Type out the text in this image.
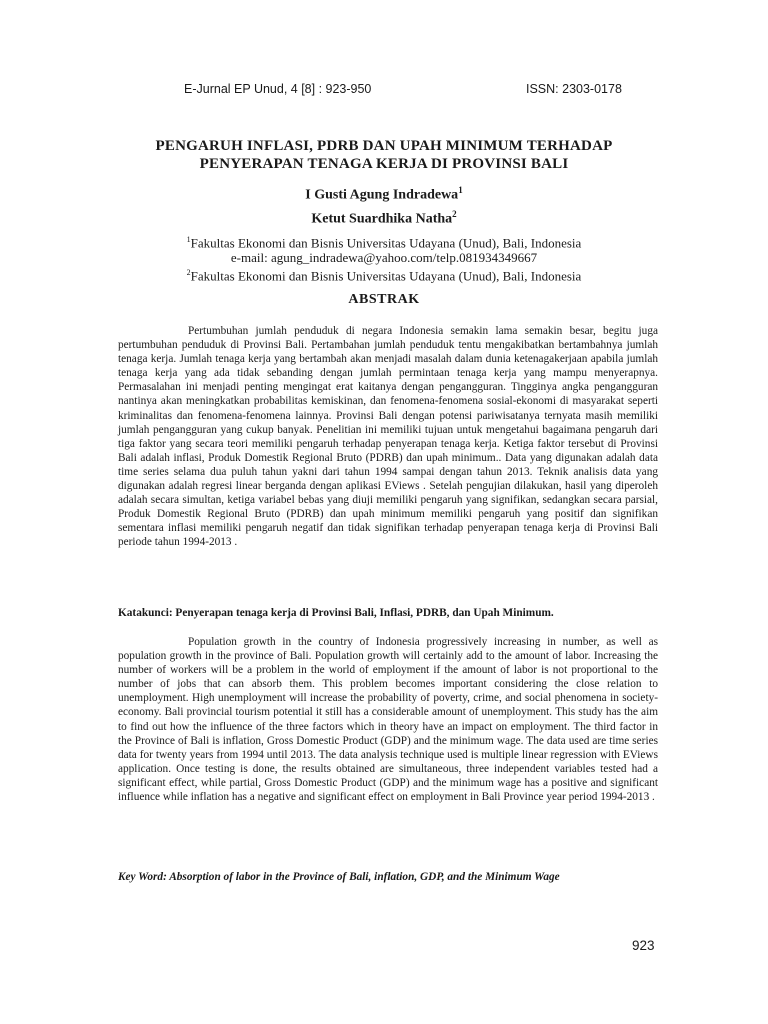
E-Jurnal EP Unud, 4 [8] : 923-950	ISSN: 2303-0178
PENGARUH INFLASI, PDRB DAN UPAH MINIMUM TERHADAP
PENYERAPAN TENAGA KERJA DI PROVINSI BALI
I Gusti Agung Indradewa$^1$
Ketut Suardhika Natha$^2$
$^1$Fakultas Ekonomi dan Bisnis Universitas Udayana (Unud), Bali, Indonesia
e-mail: agung_indradewa@yahoo.com/telp.081934349667
$^2$Fakultas Ekonomi dan Bisnis Universitas Udayana (Unud), Bali, Indonesia
ABSTRAK
Pertumbuhan jumlah penduduk di negara Indonesia semakin lama semakin besar, begitu juga pertumbuhan penduduk di Provinsi Bali. Pertambahan jumlah penduduk tentu mengakibatkan bertambahnya jumlah tenaga kerja. Jumlah tenaga kerja yang bertambah akan menjadi masalah dalam dunia ketenagakerjaan apabila jumlah tenaga kerja yang ada tidak sebanding dengan jumlah permintaan tenaga kerja yang mampu menyerapnya. Permasalahan ini menjadi penting mengingat erat kaitanya dengan pengangguran. Tingginya angka pengangguran nantinya akan meningkatkan probabilitas kemiskinan, dan fenomena-fenomena sosial-ekonomi di masyarakat seperti kriminalitas dan fenomena-fenomena lainnya. Provinsi Bali dengan potensi pariwisatanya ternyata masih memiliki jumlah pengangguran yang cukup banyak. Penelitian ini memiliki tujuan untuk mengetahui bagaimana pengaruh dari tiga faktor yang secara teori memiliki pengaruh terhadap penyerapan tenaga kerja. Ketiga faktor tersebut di Provinsi Bali adalah inflasi, Produk Domestik Regional Bruto (PDRB) dan upah minimum.. Data yang digunakan adalah data time series selama dua puluh tahun yakni dari tahun 1994 sampai dengan tahun 2013. Teknik analisis data yang digunakan adalah regresi linear berganda dengan aplikasi EViews . Setelah pengujian dilakukan, hasil yang diperoleh adalah secara simultan, ketiga variabel bebas yang diuji memiliki pengaruh yang signifikan, sedangkan secara parsial, Produk Domestik Regional Bruto (PDRB) dan upah minimum memiliki pengaruh yang positif dan signifikan sementara inflasi memiliki pengaruh negatif dan tidak signifikan terhadap penyerapan tenaga kerja di Provinsi Bali periode tahun 1994-2013 .
Katakunci: Penyerapan tenaga kerja di Provinsi Bali, Inflasi, PDRB, dan Upah Minimum.
Population growth in the country of Indonesia progressively increasing in number, as well as population growth in the province of Bali. Population growth will certainly add to the amount of labor. Increasing the number of workers will be a problem in the world of employment if the amount of labor is not proportional to the number of jobs that can absorb them. This problem becomes important considering the close relation to unemployment. High unemployment will increase the probability of poverty, crime, and social phenomena in society-economy. Bali provincial tourism potential it still has a considerable amount of unemployment. This study has the aim to find out how the influence of the three factors which in theory have an impact on employment. The third factor in the Province of Bali is inflation, Gross Domestic Product (GDP) and the minimum wage. The data used are time series data for twenty years from 1994 until 2013. The data analysis technique used is multiple linear regression with EViews application. Once testing is done, the results obtained are simultaneous, three independent variables tested had a significant effect, while partial, Gross Domestic Product (GDP) and the minimum wage has a positive and significant influence while inflation has a negative and significant effect on employment in Bali Province year period 1994-2013 .
Key Word: Absorption of labor in the Province of Bali, inflation, GDP, and the Minimum Wage
923
